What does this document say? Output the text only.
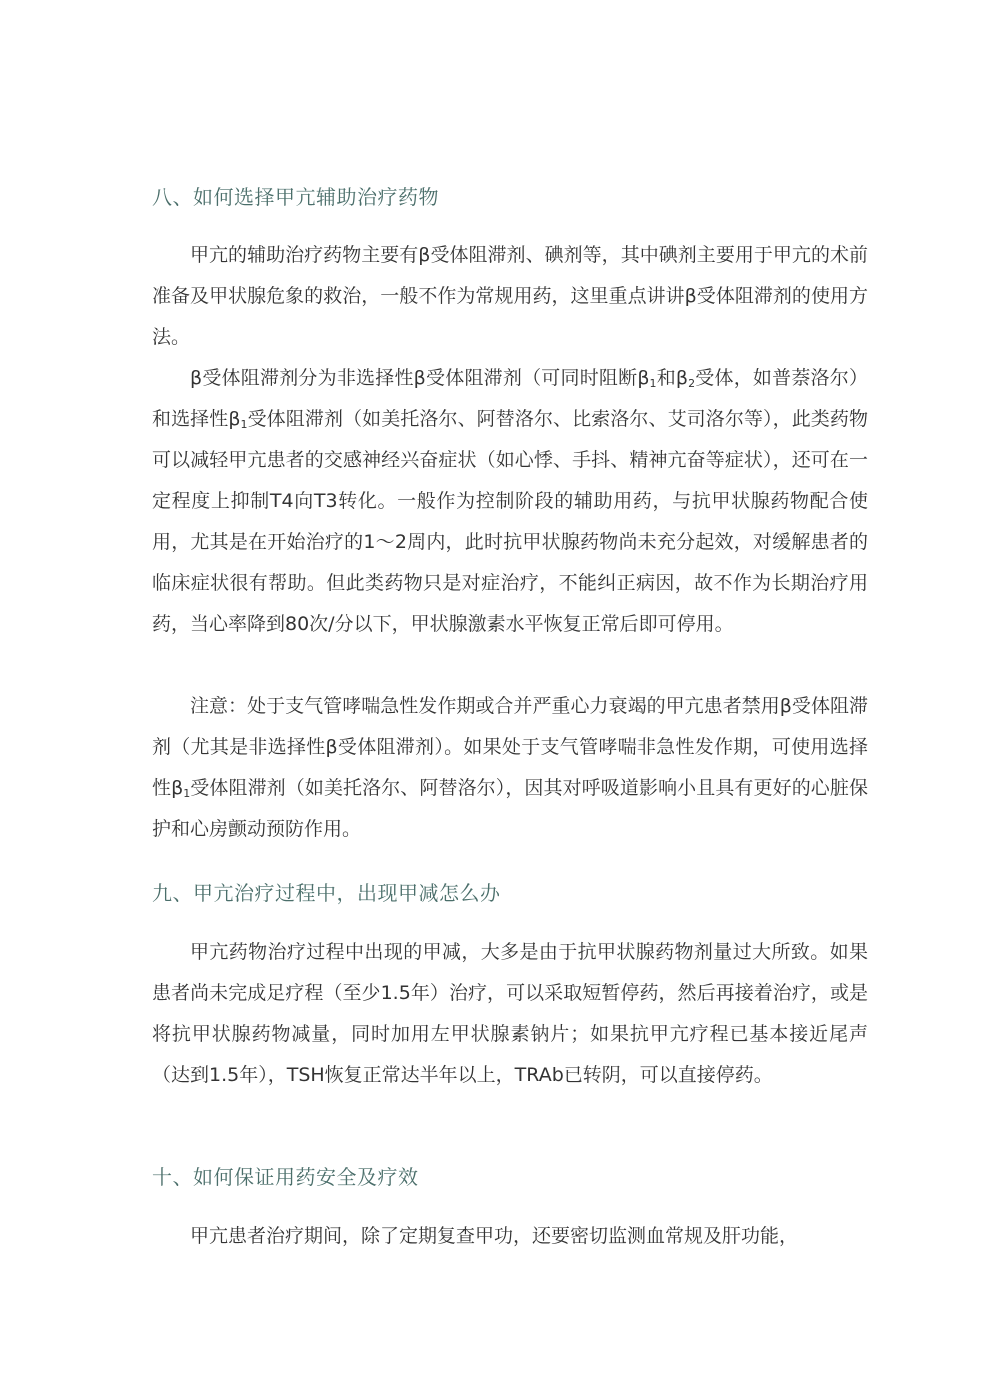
八、如何选择甲亢辅助治疗药物
甲亢的辅助治疗药物主要有β受体阻滞剂、碘剂等，其中碘剂主要用于甲亢的术前准备及甲状腺危象的救治，一般不作为常规用药，这里重点讲讲β受体阻滞剂的使用方法。
β受体阻滞剂分为非选择性β受体阻滞剂（可同时阻断$\beta_1$和$\beta_2$受体，如普萘洛尔）和选择性$\beta_1$受体阻滞剂（如美托洛尔、阿替洛尔、比索洛尔、艾司洛尔等），此类药物可以减轻甲亢患者的交感神经兴奋症状（如心悸、手抖、精神亢奋等症状），还可在一定程度上抑制T4向T3转化。一般作为控制阶段的辅助用药，与抗甲状腺药物配合使用，尤其是在开始治疗的1～2周内，此时抗甲状腺药物尚未充分起效，对缓解患者的临床症状很有帮助。但此类药物只是对症治疗，不能纠正病因，故不作为长期治疗用药，当心率降到80次/分以下，甲状腺激素水平恢复正常后即可停用。
注意：处于支气管哮喘急性发作期或合并严重心力衰竭的甲亢患者禁用β受体阻滞剂（尤其是非选择性β受体阻滞剂）。如果处于支气管哮喘非急性发作期，可使用选择性$\beta_1$受体阻滞剂（如美托洛尔、阿替洛尔），因其对呼吸道影响小且具有更好的心脏保护和心房颤动预防作用。
九、甲亢治疗过程中，出现甲减怎么办
甲亢药物治疗过程中出现的甲减，大多是由于抗甲状腺药物剂量过大所致。如果患者尚未完成足疗程（至少1.5年）治疗，可以采取短暂停药，然后再接着治疗，或是将抗甲状腺药物减量，同时加用左甲状腺素钠片；如果抗甲亢疗程已基本接近尾声（达到1.5年），TSH恢复正常达半年以上，TRAb已转阴，可以直接停药。
十、如何保证用药安全及疗效
甲亢患者治疗期间，除了定期复查甲功，还要密切监测血常规及肝功能，
